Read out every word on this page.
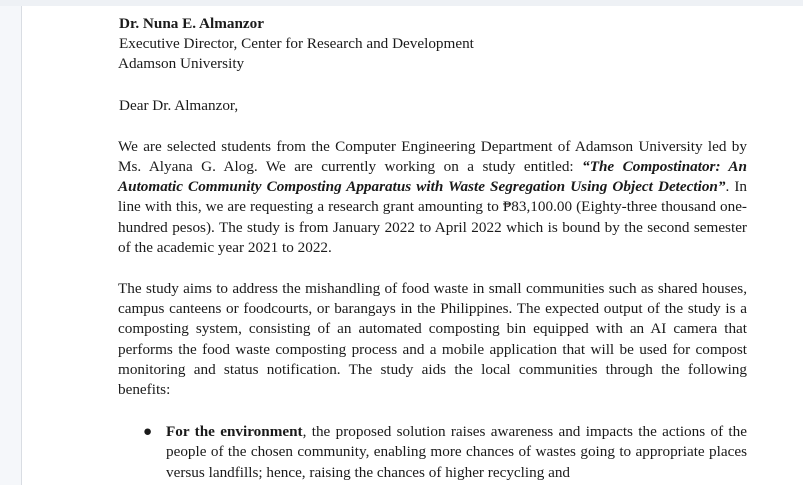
Dr. Nuna E. Almanzor

Executive Director, Center for Research and Development

Adamson University

Dear Dr. Almanzor,

We are selected students from the Computer Engineering Department of Adamson University led by Ms. Alyana G. Alog. We are currently working on a study entitled: “The Compostinator: An Automatic Community Composting Apparatus with Waste Segregation Using Object Detection”. In line with this, we are requesting a research grant amounting to ₱83,100.00 (Eighty-three thousand one-hundred pesos). The study is from January 2022 to April 2022 which is bound by the second semester of the academic year 2021 to 2022.

The study aims to address the mishandling of food waste in small communities such as shared houses, campus canteens or foodcourts, or barangays in the Philippines. The expected output of the study is a composting system, consisting of an automated composting bin equipped with an AI camera that performs the food waste composting process and a mobile application that will be used for compost monitoring and status notification. The study aids the local communities through the following benefits:

● For the environment, the proposed solution raises awareness and impacts the actions of the people of the chosen community, enabling more chances of wastes going to appropriate places versus landfills; hence, raising the chances of higher recycling and
